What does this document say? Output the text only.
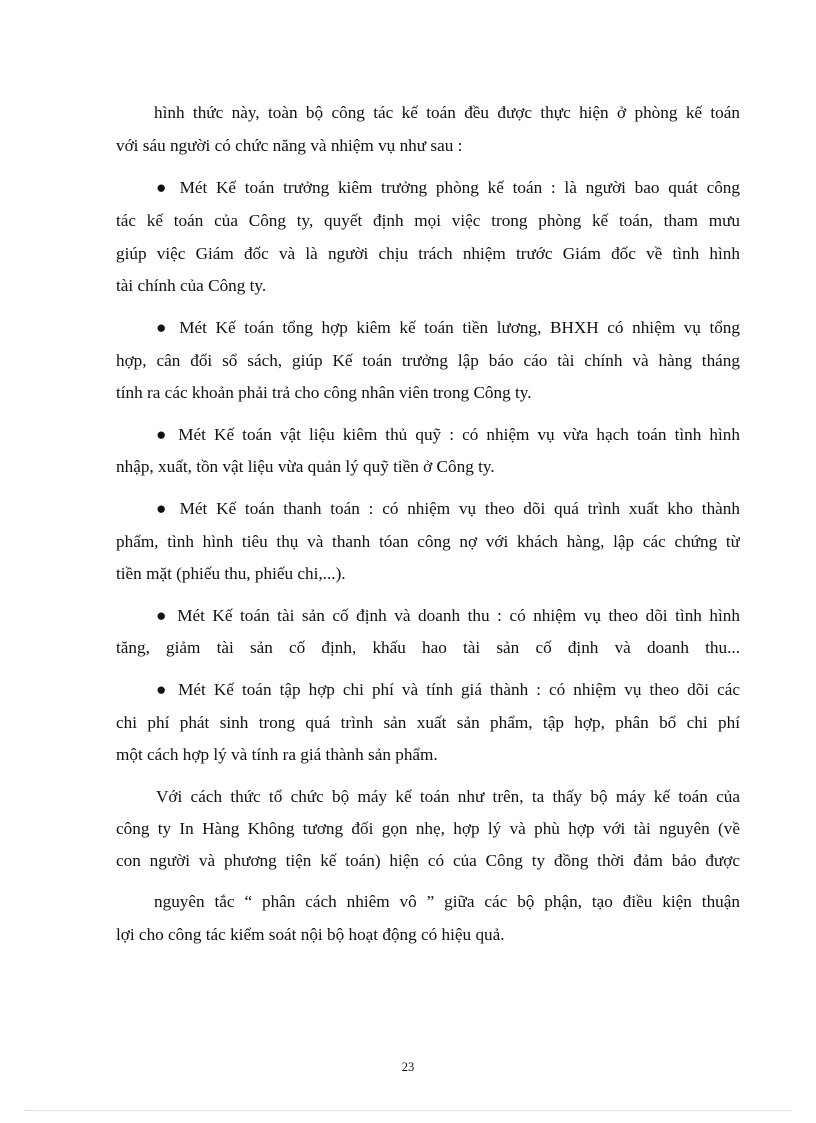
hình thức này, toàn bộ công tác kế toán đều được thực hiện ở phòng kế toán
với sáu người có chức năng và nhiệm vụ như sau :
● Mét Kế toán trưởng kiêm trưởng phòng kế toán : là người bao quát công
tác kế toán của Công ty, quyết định mọi việc trong phòng kế toán, tham mưu
giúp việc Giám đốc và là người chịu trách nhiệm trước Giám đốc về tình hình
tài chính của Công ty.
● Mét Kế toán tổng hợp kiêm kế toán tiền lương, BHXH có nhiệm vụ tổng
hợp, cân đối sổ sách, giúp Kế toán trưởng lập báo cáo tài chính và hàng tháng
tính ra các khoản phải trả cho công nhân viên trong Công ty.
● Mét Kế toán vật liệu kiêm thủ quỹ : có nhiệm vụ vừa hạch toán tình hình
nhập, xuất, tồn vật liệu vừa quản lý quỹ tiền ở Công ty.
● Mét Kế toán thanh toán : có nhiệm vụ theo dõi quá trình xuất kho thành
phẩm, tình hình tiêu thụ và thanh tóan công nợ với khách hàng, lập các chứng từ
tiền mặt (phiếu thu, phiếu chi,...).
● Mét Kế toán tài sản cố định và doanh thu : có nhiệm vụ theo dõi tình hình
tăng, giảm tài sản cố định, khấu hao tài sản cố định và doanh thu...
● Mét Kế toán tập hợp chi phí và tính giá thành : có nhiệm vụ theo dõi các
chi phí phát sinh trong quá trình sản xuất sản phẩm, tập hợp, phân bổ chi phí
một cách hợp lý và tính ra giá thành sản phẩm.
Với cách thức tổ chức bộ máy kế toán như trên, ta thấy bộ máy kế toán của
công ty In Hàng Không tương đối gọn nhẹ, hợp lý và phù hợp với tài nguyên (về
con người và phương tiện kế toán) hiện có của Công ty đồng thời đảm bảo được
nguyên tắc “ phân cách nhiêm vô ” giữa các bộ phận, tạo điều kiện thuận
lợi cho công tác kiểm soát nội bộ hoạt động có hiệu quả.
23
